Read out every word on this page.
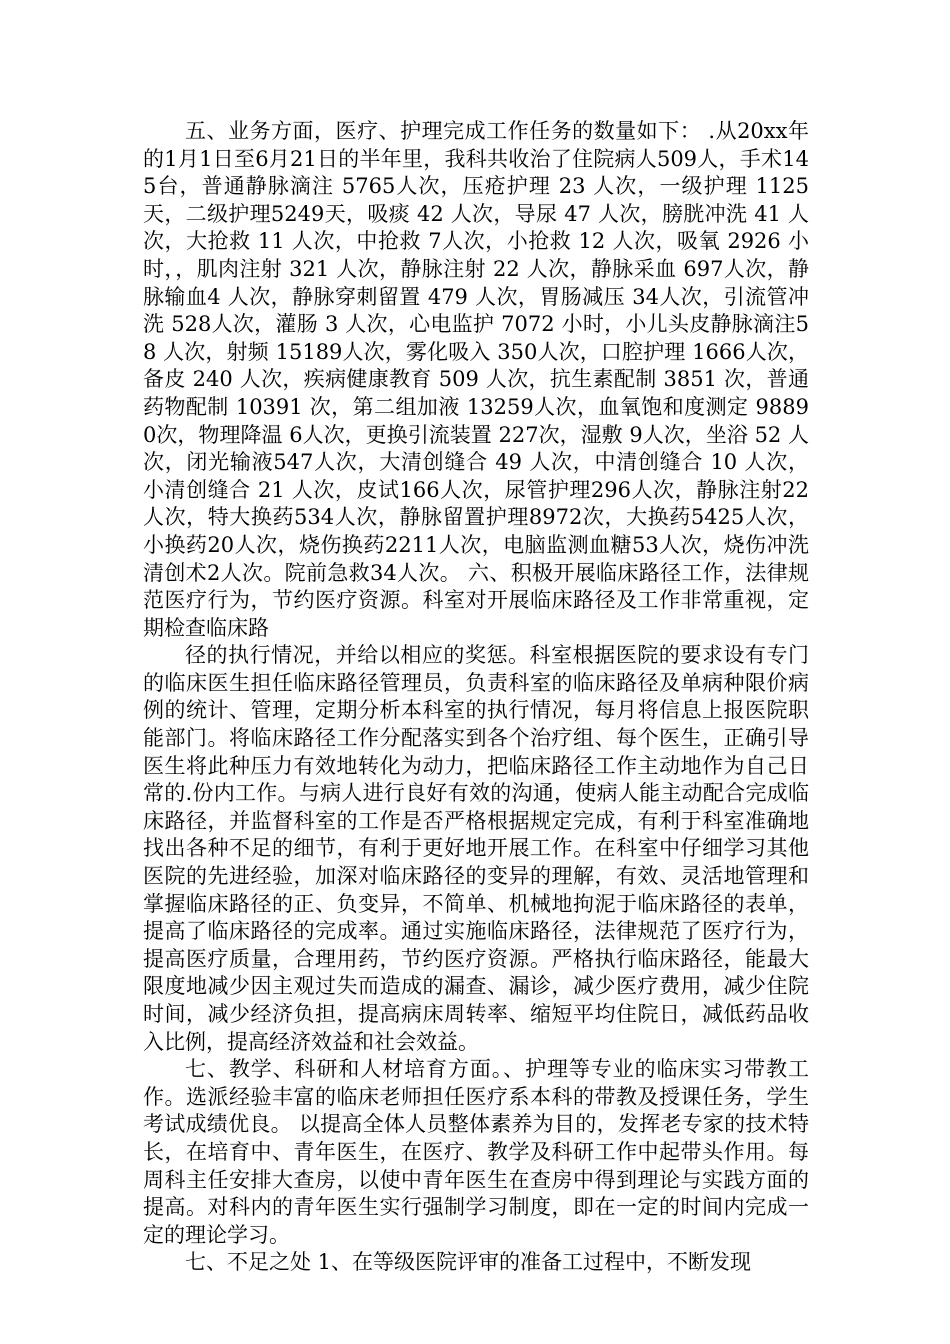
五、业务方面，医疗、护理完成工作任务的数量如下： .从20xx年的1月1日至6月21日的半年里，我科共收治了住院病人509人，手术145台，普通静脉滴注 5765人次，压疮护理 23 人次，一级护理 1125天，二级护理5249天，吸痰 42 人次，导尿 47 人次，膀胱冲洗 41 人次，大抢救 11 人次，中抢救 7人次，小抢救 12 人次，吸氧 2926 小时，，肌肉注射 321 人次，静脉注射 22 人次，静脉采血 697人次，静脉输血4 人次，静脉穿刺留置 479 人次，胃肠减压 34人次，引流管冲洗 528人次，灌肠 3 人次，心电监护 7072 小时，小儿头皮静脉滴注58 人次，射频 15189人次，雾化吸入 350人次，口腔护理 1666人次，备皮 240 人次，疾病健康教育 509 人次，抗生素配制 3851 次，普通药物配制 10391 次，第二组加液 13259人次，血氧饱和度测定 98890次，物理降温 6人次，更换引流装置 227次，湿敷 9人次，坐浴 52 人次，闭光输液547人次，大清创缝合 49 人次，中清创缝合 10 人次，小清创缝合 21 人次，皮试166人次，尿管护理296人次，静脉注射22人次，特大换药534人次，静脉留置护理8972次，大换药5425人次，小换药20人次，烧伤换药2211人次，电脑监测血糖53人次，烧伤冲洗清创术2人次。院前急救34人次。 六、积极开展临床路径工作，法律规范医疗行为，节约医疗资源。科室对开展临床路径及工作非常重视，定期检查临床路

径的执行情况，并给以相应的奖惩。科室根据医院的要求设有专门的临床医生担任临床路径管理员，负责科室的临床路径及单病种限价病例的统计、管理，定期分析本科室的执行情况，每月将信息上报医院职能部门。将临床路径工作分配落实到各个治疗组、每个医生，正确引导医生将此种压力有效地转化为动力，把临床路径工作主动地作为自己日常的.份内工作。与病人进行良好有效的沟通，使病人能主动配合完成临床路径，并监督科室的工作是否严格根据规定完成，有利于科室准确地找出各种不足的细节，有利于更好地开展工作。在科室中仔细学习其他医院的先进经验，加深对临床路径的变异的理解，有效、灵活地管理和掌握临床路径的正、负变异，不简单、机械地拘泥于临床路径的表单，提高了临床路径的完成率。通过实施临床路径，法律规范了医疗行为，提高医疗质量，合理用药，节约医疗资源。严格执行临床路径，能最大限度地减少因主观过失而造成的漏查、漏诊，减少医疗费用，减少住院时间，减少经济负担，提高病床周转率、缩短平均住院日，减低药品收入比例，提高经济效益和社会效益。

七、教学、科研和人材培育方面。、护理等专业的临床实习带教工作。选派经验丰富的临床老师担任医疗系本科的带教及授课任务，学生考试成绩优良。 以提高全体人员整体素养为目的，发挥老专家的技术特长，在培育中、青年医生，在医疗、教学及科研工作中起带头作用。每周科主任安排大查房，以使中青年医生在查房中得到理论与实践方面的提高。对科内的青年医生实行强制学习制度，即在一定的时间内完成一定的理论学习。

七、不足之处 1、在等级医院评审的准备工过程中，不断发现
